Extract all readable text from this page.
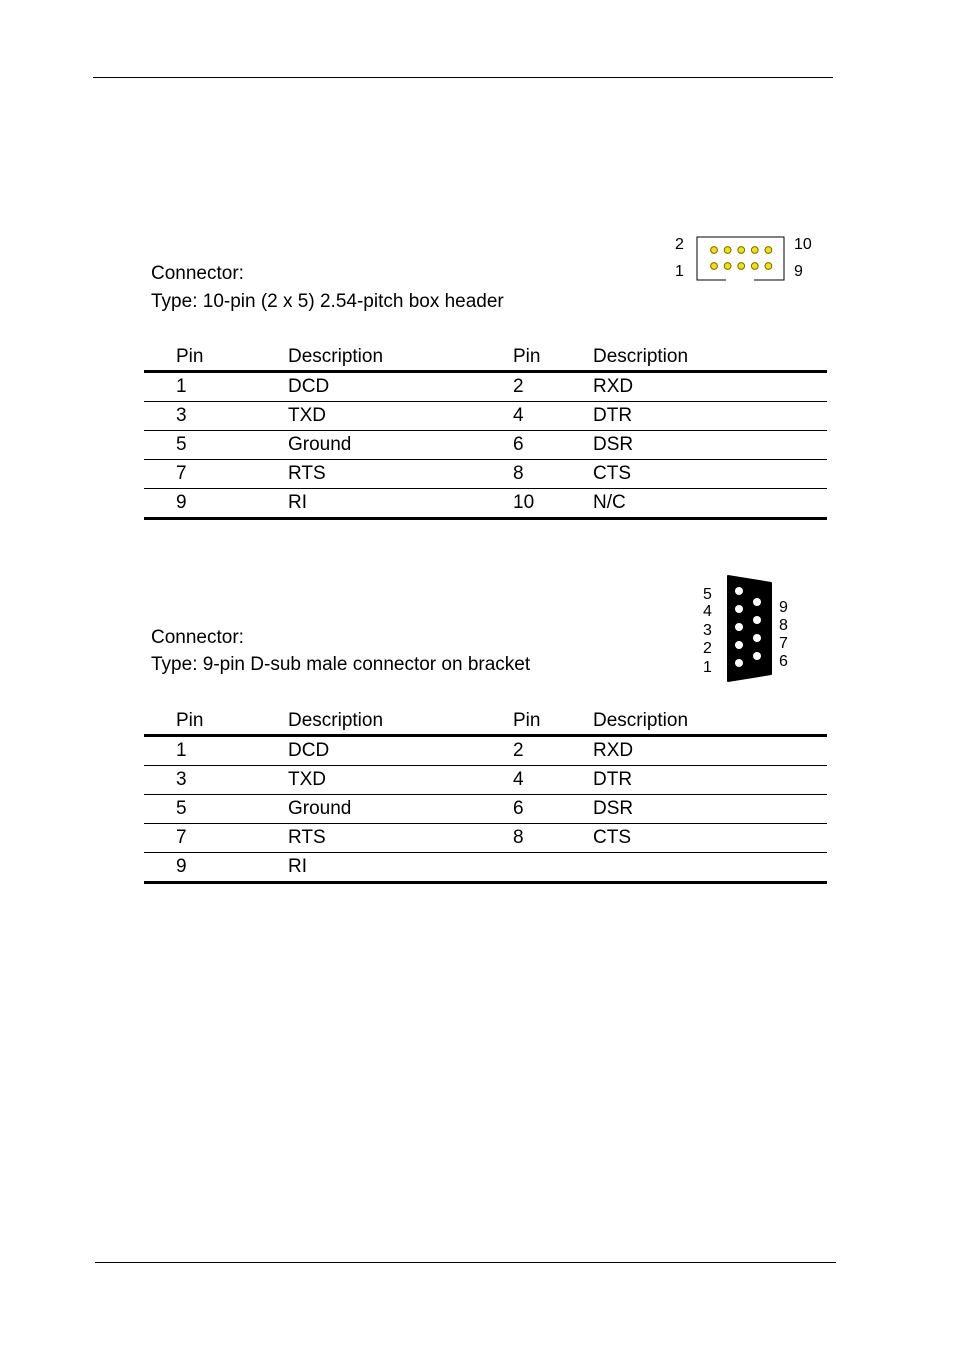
2
1
10
9
Connector:
Type: 10-pin (2 x 5) 2.54-pitch box header
Pin	Description	Pin	Description
1	DCD	2	RXD
3	TXD	4	DTR
5	Ground	6	DSR
7	RTS	8	CTS
9	RI	10	N/C
5
4
3
2
1
9
8
7
6
Connector:
Type: 9-pin D-sub male connector on bracket
Pin	Description	Pin	Description
1	DCD	2	RXD
3	TXD	4	DTR
5	Ground	6	DSR
7	RTS	8	CTS
9	RI		
